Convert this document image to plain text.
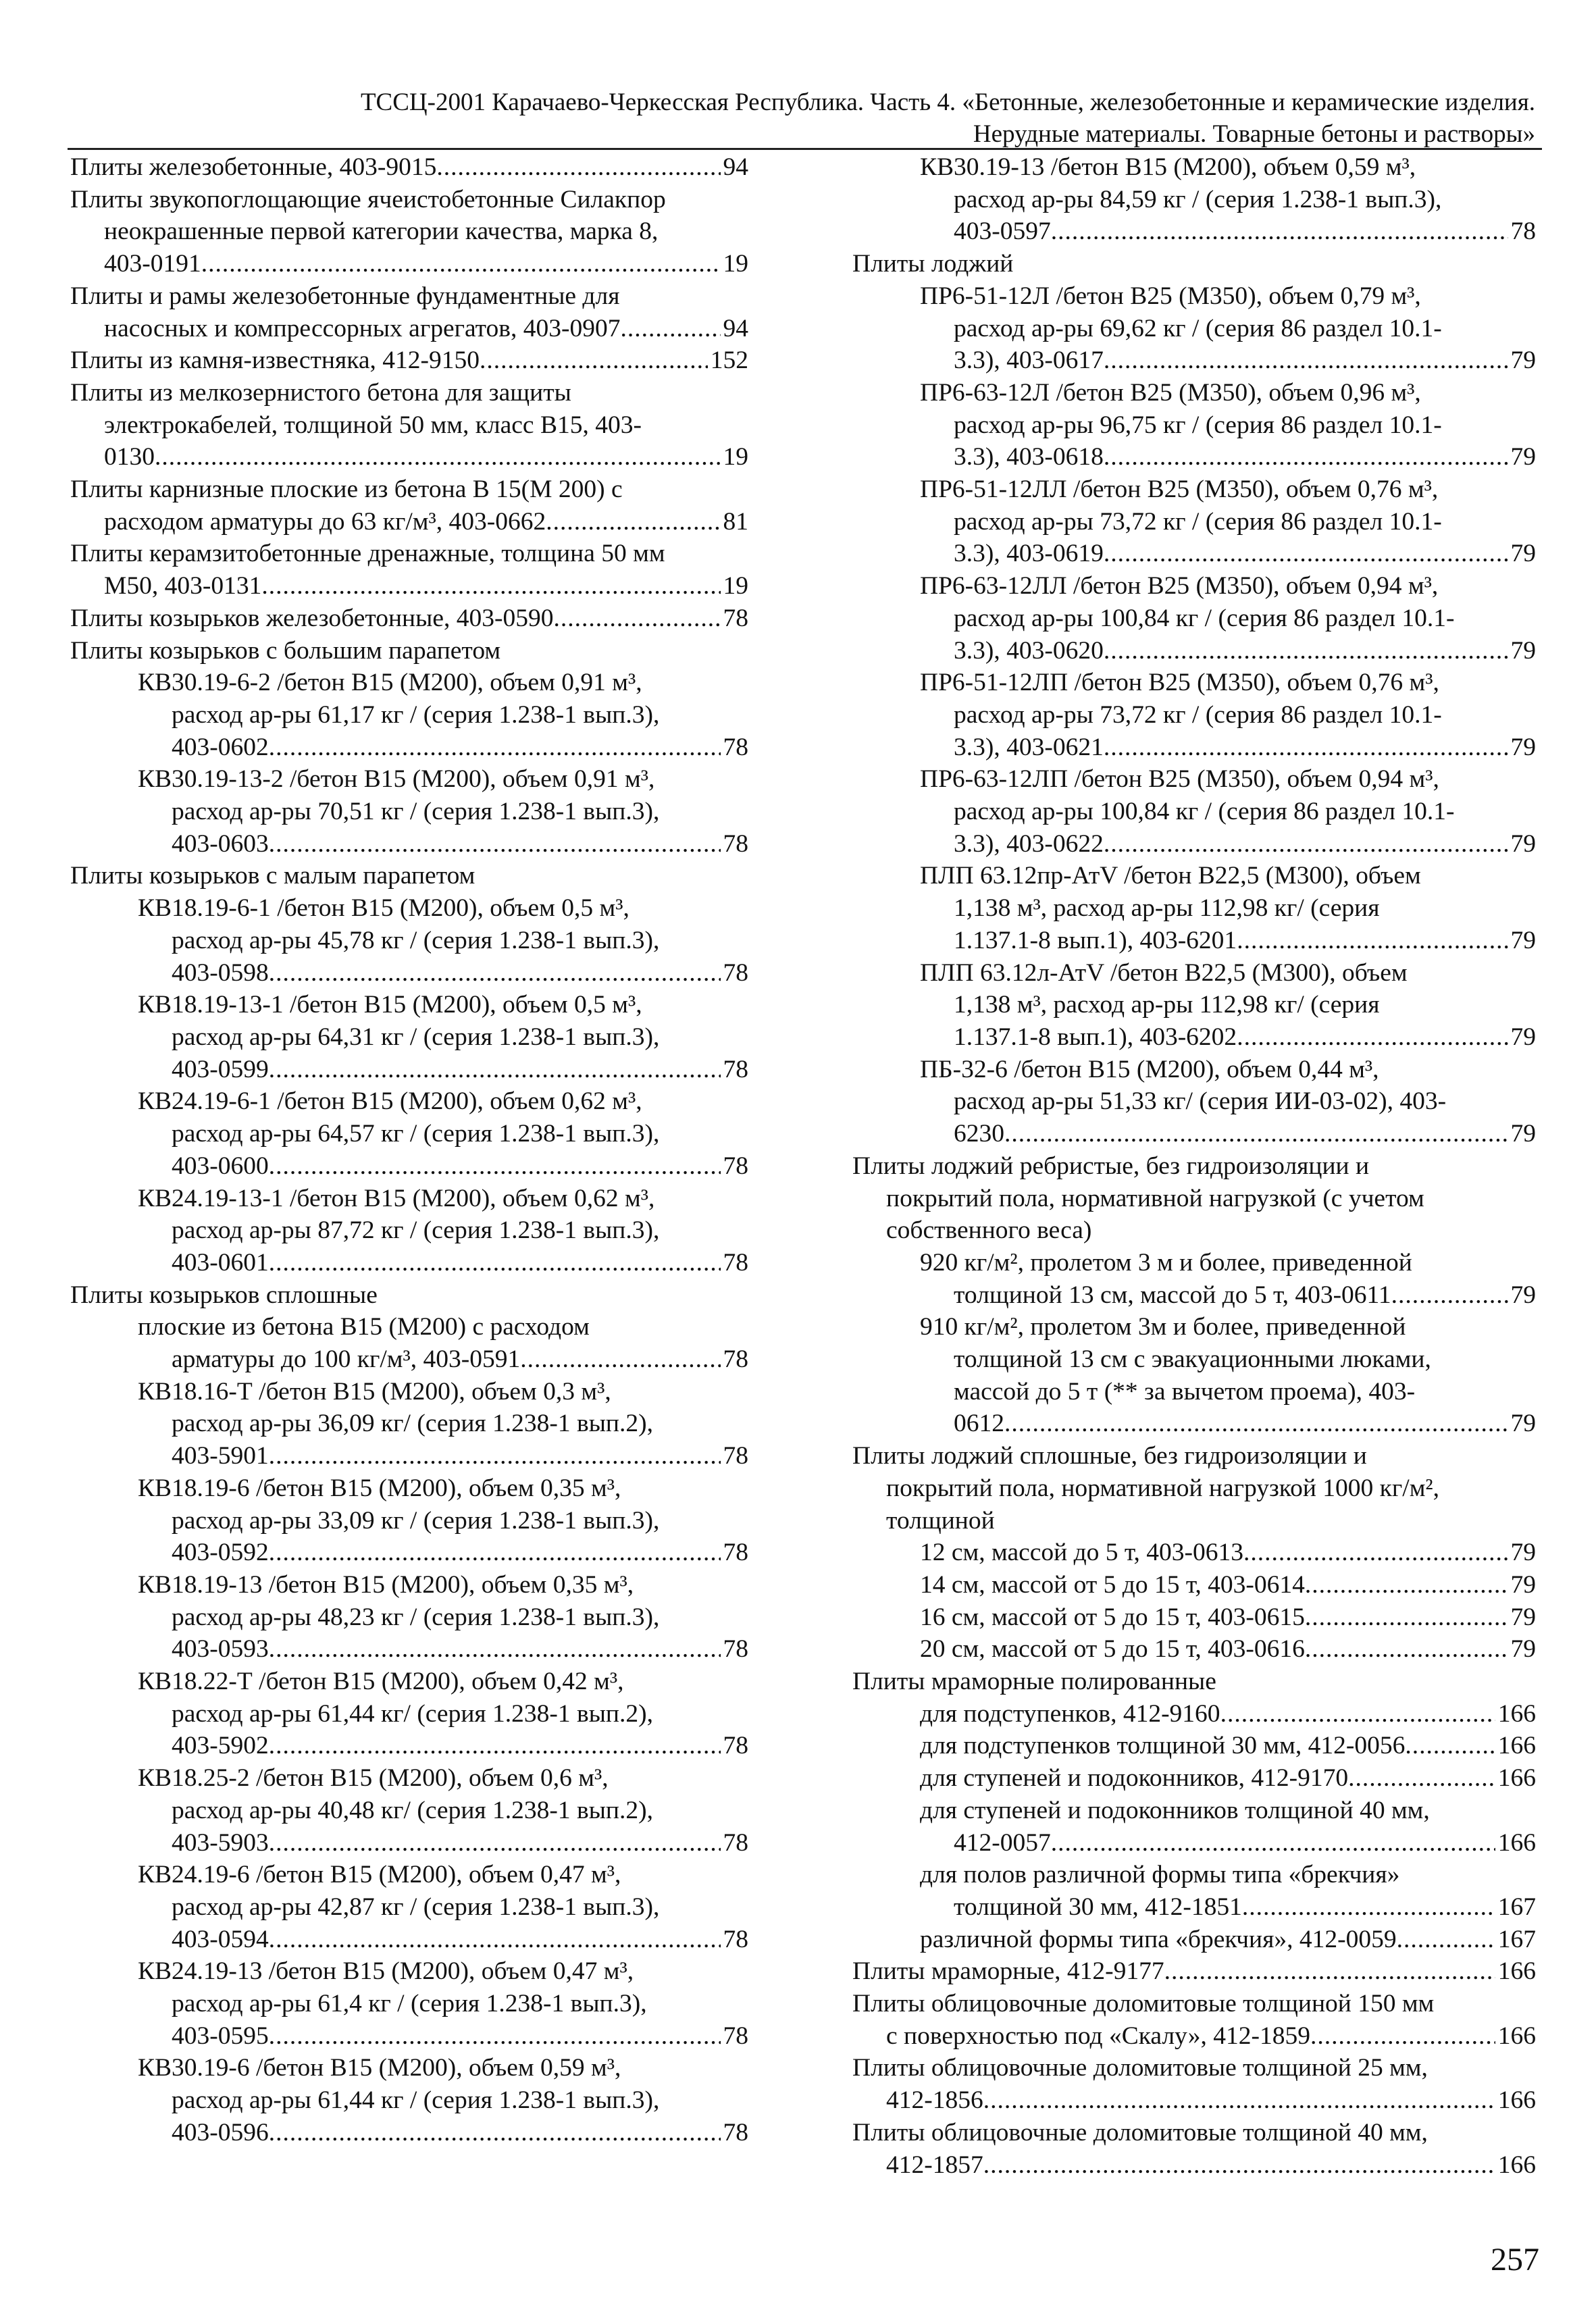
ТССЦ-2001 Карачаево-Черкесская Республика. Часть 4. «Бетонные, железобетонные и керамические изделия.
Нерудные материалы. Товарные бетоны и растворы»
Плиты железобетонные, 403-9015 .....	94
Плиты звукопоглощающие ячеистобетонные Силакпор
неокрашенные первой категории качества, марка 8,
403-0191 .....	19
Плиты и рамы железобетонные фундаментные для
насосных и компрессорных агрегатов, 403-0907 .....	94
Плиты из камня-известняка, 412-9150 .....	152
Плиты из мелкозернистого бетона для защиты
электрокабелей, толщиной 50 мм, класс В15, 403-
0130 .....	19
Плиты карнизные плоские из бетона В 15(М 200) с
расходом арматуры до 63 кг/м³, 403-0662 .....	81
Плиты керамзитобетонные дренажные, толщина 50 мм
М50, 403-0131 .....	19
Плиты козырьков железобетонные, 403-0590 .....	78
Плиты козырьков с большим парапетом
КВ30.19-6-2 /бетон В15 (М200), объем 0,91 м³,
расход ар-ры 61,17 кг / (серия 1.238-1 вып.3),
403-0602 .....	78
КВ30.19-13-2 /бетон В15 (М200), объем 0,91 м³,
расход ар-ры 70,51 кг / (серия 1.238-1 вып.3),
403-0603 .....	78
Плиты козырьков с малым парапетом
КВ18.19-6-1 /бетон В15 (М200), объем 0,5 м³,
расход ар-ры 45,78 кг / (серия 1.238-1 вып.3),
403-0598 .....	78
КВ18.19-13-1 /бетон В15 (М200), объем 0,5 м³,
расход ар-ры 64,31 кг / (серия 1.238-1 вып.3),
403-0599 .....	78
КВ24.19-6-1 /бетон В15 (М200), объем 0,62 м³,
расход ар-ры 64,57 кг / (серия 1.238-1 вып.3),
403-0600 .....	78
КВ24.19-13-1 /бетон В15 (М200), объем 0,62 м³,
расход ар-ры 87,72 кг / (серия 1.238-1 вып.3),
403-0601 .....	78
Плиты козырьков сплошные
плоские из бетона В15 (М200) с расходом
арматуры до 100 кг/м³, 403-0591 .....	78
КВ18.16-Т /бетон В15 (М200), объем 0,3 м³,
расход ар-ры 36,09 кг/ (серия 1.238-1 вып.2),
403-5901 .....	78
КВ18.19-6 /бетон В15 (М200), объем 0,35 м³,
расход ар-ры 33,09 кг / (серия 1.238-1 вып.3),
403-0592 .....	78
КВ18.19-13 /бетон В15 (М200), объем 0,35 м³,
расход ар-ры 48,23 кг / (серия 1.238-1 вып.3),
403-0593 .....	78
КВ18.22-Т /бетон В15 (М200), объем 0,42 м³,
расход ар-ры 61,44 кг/ (серия 1.238-1 вып.2),
403-5902 .....	78
КВ18.25-2 /бетон В15 (М200), объем 0,6 м³,
расход ар-ры 40,48 кг/ (серия 1.238-1 вып.2),
403-5903 .....	78
КВ24.19-6 /бетон В15 (М200), объем 0,47 м³,
расход ар-ры 42,87 кг / (серия 1.238-1 вып.3),
403-0594 .....	78
КВ24.19-13 /бетон В15 (М200), объем 0,47 м³,
расход ар-ры 61,4 кг / (серия 1.238-1 вып.3),
403-0595 .....	78
КВ30.19-6 /бетон В15 (М200), объем 0,59 м³,
расход ар-ры 61,44 кг / (серия 1.238-1 вып.3),
403-0596 .....	78
КВ30.19-13 /бетон В15 (М200), объем 0,59 м³,
расход ар-ры 84,59 кг / (серия 1.238-1 вып.3),
403-0597 .....	78
Плиты лоджий
ПР6-51-12Л /бетон В25 (М350), объем 0,79 м³,
расход ар-ры 69,62 кг / (серия 86 раздел 10.1-
3.3), 403-0617 .....	79
ПР6-63-12Л /бетон В25 (М350), объем 0,96 м³,
расход ар-ры 96,75 кг / (серия 86 раздел 10.1-
3.3), 403-0618 .....	79
ПР6-51-12ЛЛ /бетон В25 (М350), объем 0,76 м³,
расход ар-ры 73,72 кг / (серия 86 раздел 10.1-
3.3), 403-0619 .....	79
ПР6-63-12ЛЛ /бетон В25 (М350), объем 0,94 м³,
расход ар-ры 100,84 кг / (серия 86 раздел 10.1-
3.3), 403-0620 .....	79
ПР6-51-12ЛП /бетон В25 (М350), объем 0,76 м³,
расход ар-ры 73,72 кг / (серия 86 раздел 10.1-
3.3), 403-0621 .....	79
ПР6-63-12ЛП /бетон В25 (М350), объем 0,94 м³,
расход ар-ры 100,84 кг / (серия 86 раздел 10.1-
3.3), 403-0622 .....	79
ПЛП 63.12пр-АтV /бетон В22,5 (М300), объем
1,138 м³, расход ар-ры 112,98 кг/ (серия
1.137.1-8 вып.1), 403-6201 .....	79
ПЛП 63.12л-АтV /бетон В22,5 (М300), объем
1,138 м³, расход ар-ры 112,98 кг/ (серия
1.137.1-8 вып.1), 403-6202 .....	79
ПБ-32-6 /бетон В15 (М200), объем 0,44 м³,
расход ар-ры 51,33 кг/ (серия ИИ-03-02), 403-
6230 .....	79
Плиты лоджий ребристые, без гидроизоляции и
покрытий пола, нормативной нагрузкой (с учетом
собственного веса)
920 кг/м², пролетом 3 м и более, приведенной
толщиной 13 см, массой до 5 т, 403-0611 .....	79
910 кг/м², пролетом 3м и более, приведенной
толщиной 13 см с эвакуационными люками,
массой до 5 т (** за вычетом проема), 403-
0612 .....	79
Плиты лоджий сплошные, без гидроизоляции и
покрытий пола, нормативной нагрузкой 1000 кг/м²,
толщиной
12 см, массой до 5 т, 403-0613 .....	79
14 см, массой от 5 до 15 т, 403-0614 .....	79
16 см, массой от 5 до 15 т, 403-0615 .....	79
20 см, массой от 5 до 15 т, 403-0616 .....	79
Плиты мраморные полированные
для подступенков, 412-9160 .....	166
для подступенков толщиной 30 мм, 412-0056 .....	166
для ступеней и подоконников, 412-9170 .....	166
для ступеней и подоконников толщиной 40 мм,
412-0057 .....	166
для полов различной формы типа «брекчия»
толщиной 30 мм, 412-1851 .....	167
различной формы типа «брекчия», 412-0059 .....	167
Плиты мраморные, 412-9177 .....	166
Плиты облицовочные доломитовые толщиной 150 мм
с поверхностью под «Скалу», 412-1859 .....	166
Плиты облицовочные доломитовые толщиной 25 мм,
412-1856 .....	166
Плиты облицовочные доломитовые толщиной 40 мм,
412-1857 .....	166
257
